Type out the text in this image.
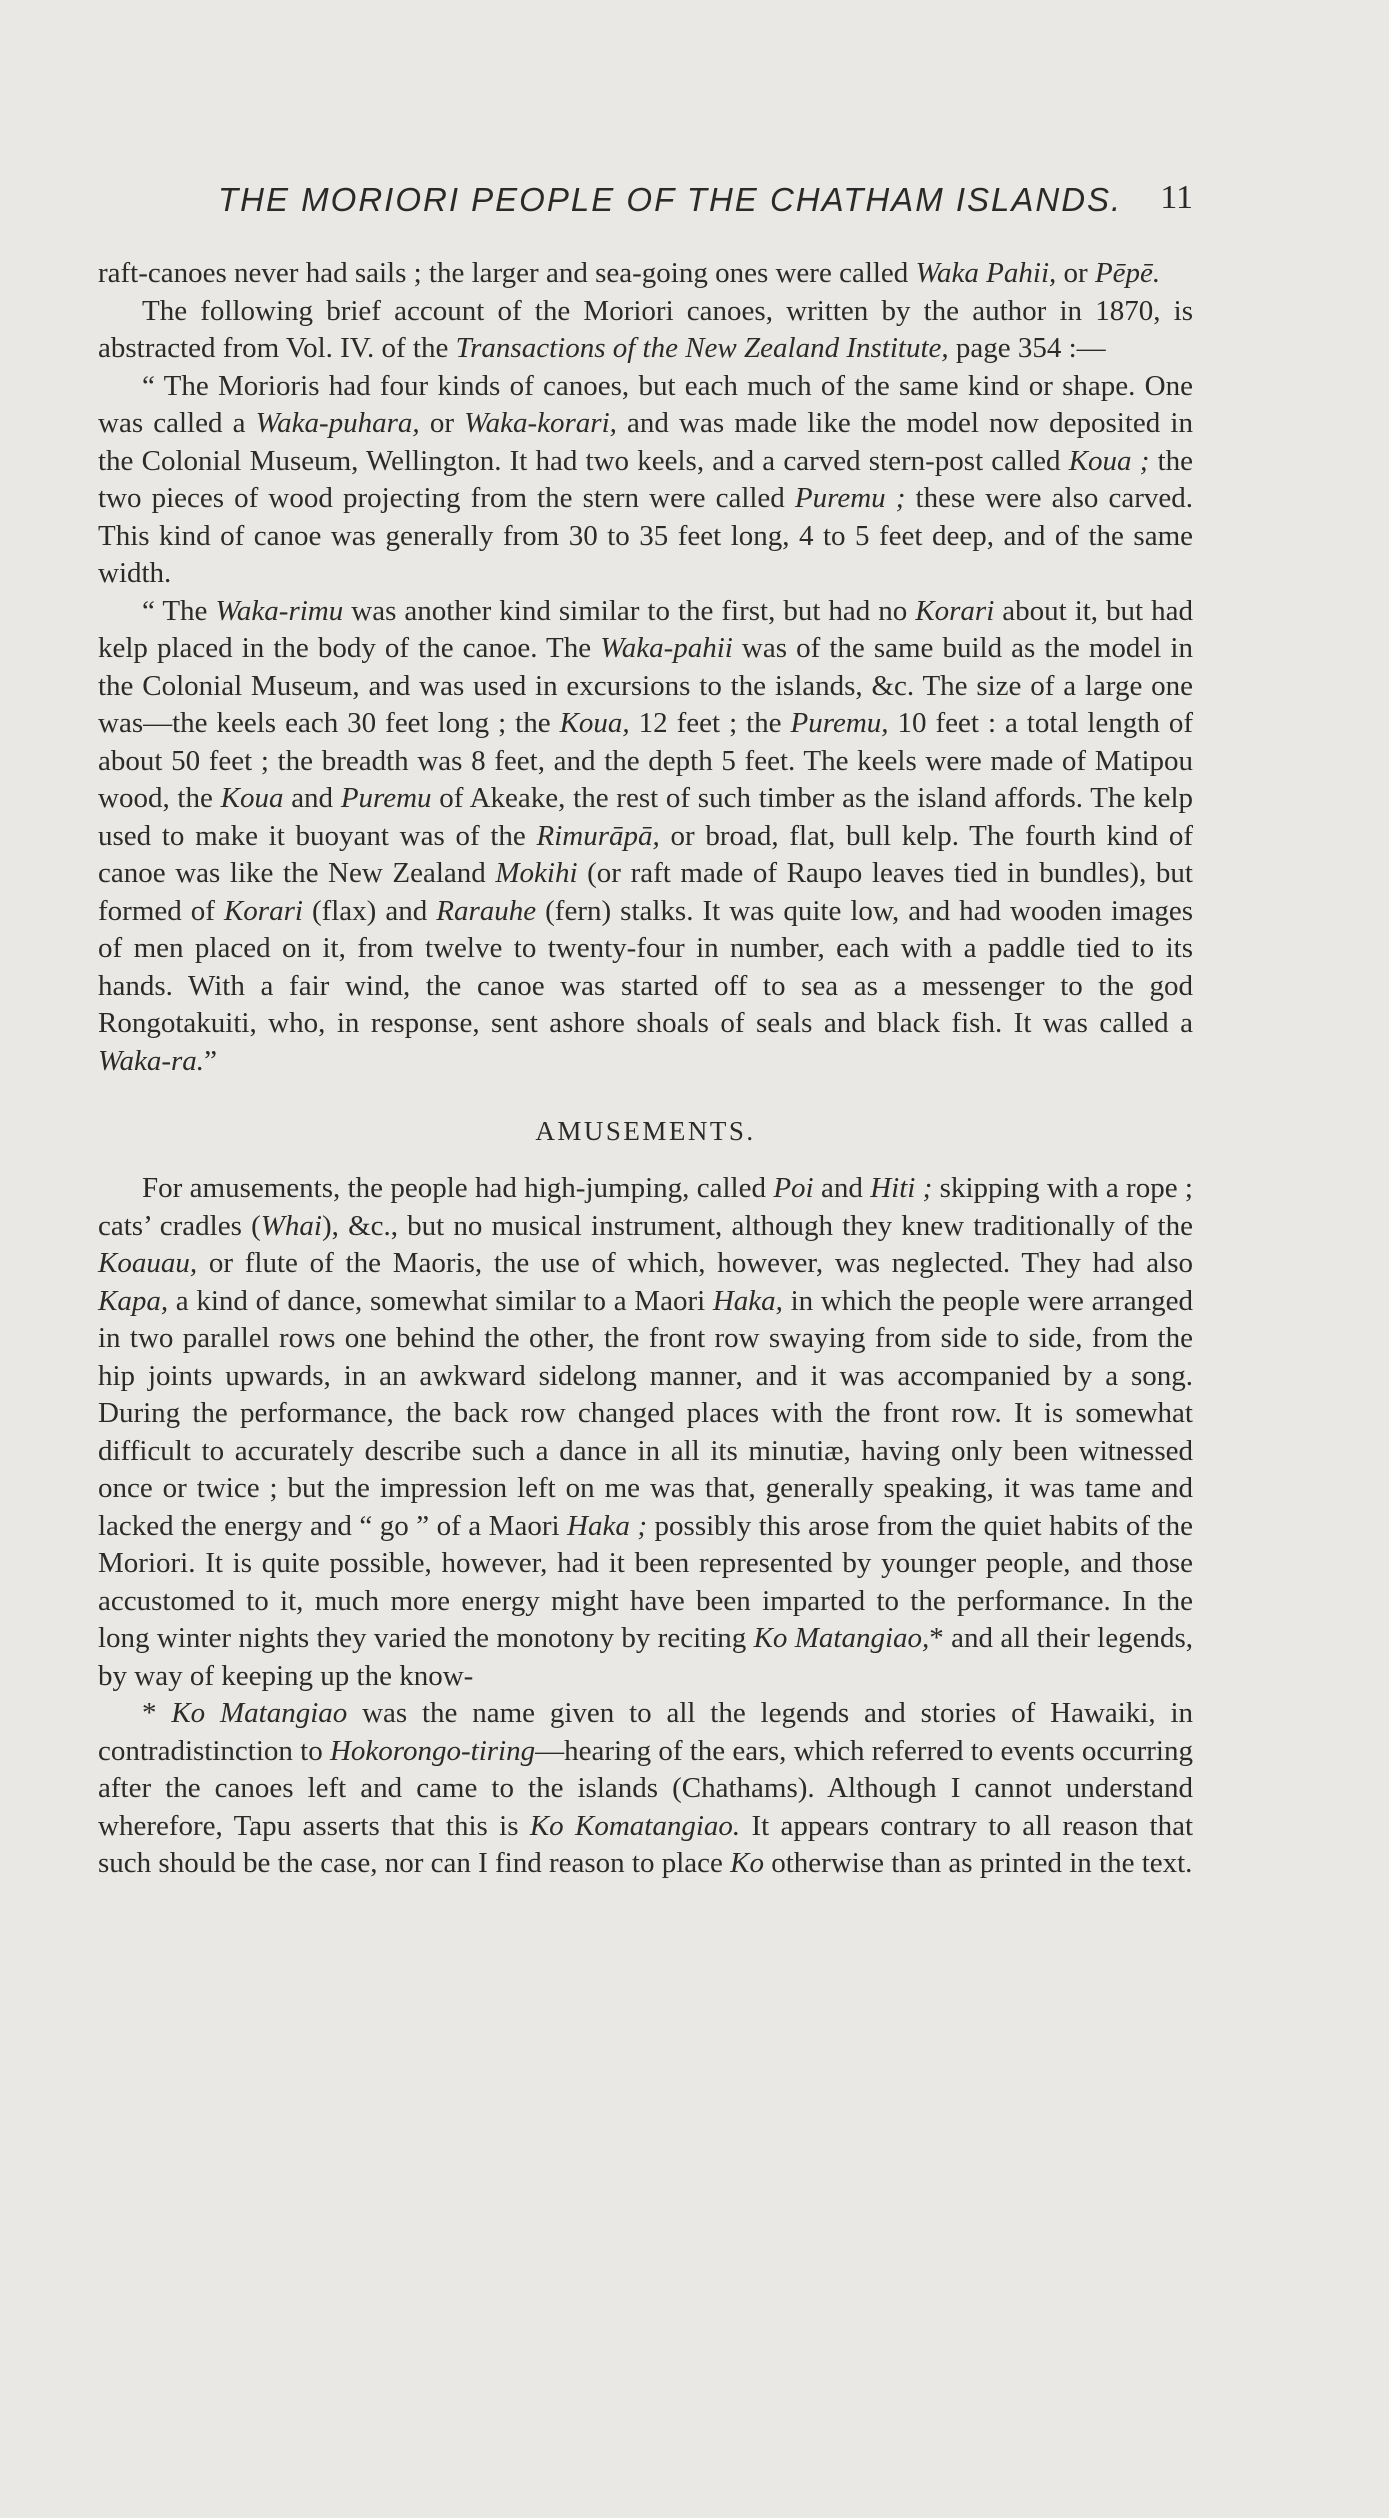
THE MORIORI PEOPLE OF THE CHATHAM ISLANDS. 11

raft-canoes never had sails ; the larger and sea-going ones were called Waka Pahii, or Pēpē.

The following brief account of the Moriori canoes, written by the author in 1870, is abstracted from Vol. IV. of the Transactions of the New Zealand Institute, page 354 :—

“ The Morioris had four kinds of canoes, but each much of the same kind or shape. One was called a Waka-puhara, or Waka-korari, and was made like the model now deposited in the Colonial Museum, Wellington. It had two keels, and a carved stern-post called Koua ; the two pieces of wood projecting from the stern were called Puremu ; these were also carved. This kind of canoe was generally from 30 to 35 feet long, 4 to 5 feet deep, and of the same width.

“ The Waka-rimu was another kind similar to the first, but had no Korari about it, but had kelp placed in the body of the canoe. The Waka-pahii was of the same build as the model in the Colonial Museum, and was used in excursions to the islands, &c. The size of a large one was—the keels each 30 feet long ; the Koua, 12 feet ; the Puremu, 10 feet : a total length of about 50 feet ; the breadth was 8 feet, and the depth 5 feet. The keels were made of Matipou wood, the Koua and Puremu of Akeake, the rest of such timber as the island affords. The kelp used to make it buoyant was of the Rimurāpā, or broad, flat, bull kelp. The fourth kind of canoe was like the New Zealand Mokihi (or raft made of Raupo leaves tied in bundles), but formed of Korari (flax) and Rarauhe (fern) stalks. It was quite low, and had wooden images of men placed on it, from twelve to twenty-four in number, each with a paddle tied to its hands. With a fair wind, the canoe was started off to sea as a messenger to the god Rongotakuiti, who, in response, sent ashore shoals of seals and black fish. It was called a Waka-ra.”

AMUSEMENTS.

For amusements, the people had high-jumping, called Poi and Hiti ; skipping with a rope ; cats’ cradles (Whai), &c., but no musical instrument, although they knew traditionally of the Koauau, or flute of the Maoris, the use of which, however, was neglected. They had also Kapa, a kind of dance, somewhat similar to a Maori Haka, in which the people were arranged in two parallel rows one behind the other, the front row swaying from side to side, from the hip joints upwards, in an awkward sidelong manner, and it was accompanied by a song. During the performance, the back row changed places with the front row. It is somewhat difficult to accurately describe such a dance in all its minutiæ, having only been witnessed once or twice ; but the impression left on me was that, generally speaking, it was tame and lacked the energy and “ go ” of a Maori Haka ; possibly this arose from the quiet habits of the Moriori. It is quite possible, however, had it been represented by younger people, and those accustomed to it, much more energy might have been imparted to the performance. In the long winter nights they varied the monotony by reciting Ko Matangiao,* and all their legends, by way of keeping up the know-

* Ko Matangiao was the name given to all the legends and stories of Hawaiki, in contradistinction to Hokorongo-tiring—hearing of the ears, which referred to events occurring after the canoes left and came to the islands (Chathams). Although I cannot understand wherefore, Tapu asserts that this is Ko Komatangiao. It appears contrary to all reason that such should be the case, nor can I find reason to place Ko otherwise than as printed in the text.
